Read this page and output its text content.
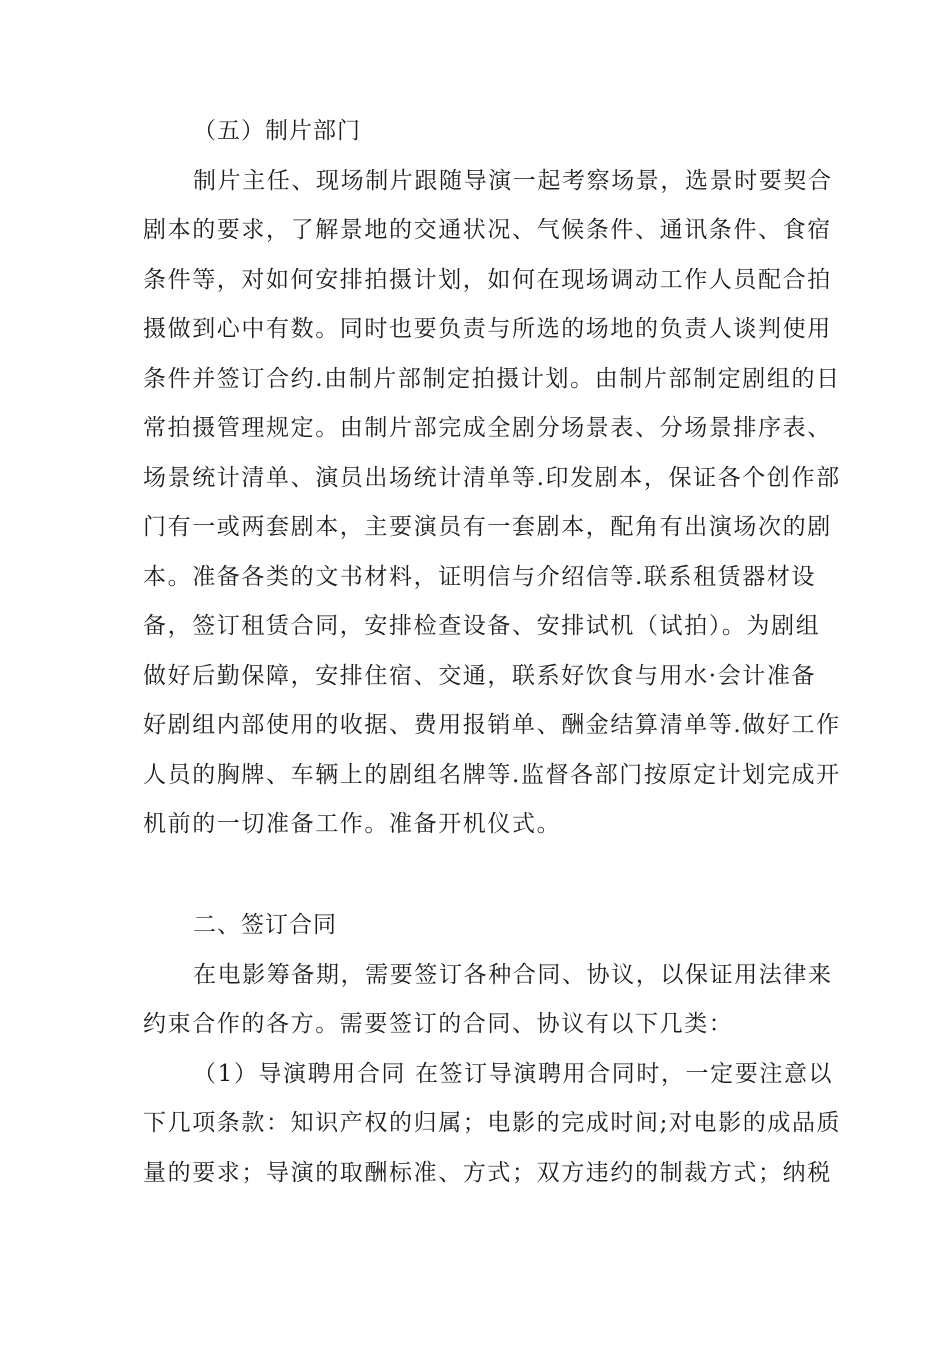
（五）制片部门
制片主任、现场制片跟随导演一起考察场景，选景时要契合
剧本的要求，了解景地的交通状况、气候条件、通讯条件、食宿
条件等，对如何安排拍摄计划，如何在现场调动工作人员配合拍
摄做到心中有数。同时也要负责与所选的场地的负责人谈判使用
条件并签订合约.由制片部制定拍摄计划。由制片部制定剧组的日
常拍摄管理规定。由制片部完成全剧分场景表、分场景排序表、
场景统计清单、演员出场统计清单等.印发剧本，保证各个创作部
门有一或两套剧本，主要演员有一套剧本，配角有出演场次的剧
本。准备各类的文书材料，证明信与介绍信等.联系租赁器材设
备，签订租赁合同，安排检查设备、安排试机（试拍）。为剧组
做好后勤保障，安排住宿、交通，联系好饮食与用水·会计准备
好剧组内部使用的收据、费用报销单、酬金结算清单等.做好工作
人员的胸牌、车辆上的剧组名牌等.监督各部门按原定计划完成开
机前的一切准备工作。准备开机仪式。
二、签订合同
在电影筹备期，需要签订各种合同、协议，以保证用法律来
约束合作的各方。需要签订的合同、协议有以下几类：
（1）导演聘用合同 在签订导演聘用合同时，一定要注意以
下几项条款：知识产权的归属；电影的完成时间;对电影的成品质
量的要求；导演的取酬标准、方式；双方违约的制裁方式；纳税
